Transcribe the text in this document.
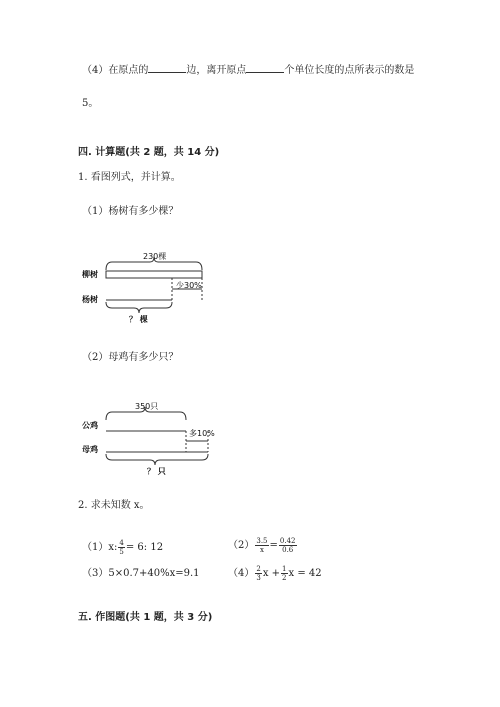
（4）在原点的	边，离开原点	个单位长度的点所表示的数是
5。
四. 计算题(共 2 题，共 14 分)
1. 看图列式，并计算。
（1）杨树有多少棵？
230棵
柳树
少30%
杨树
？ 棵
350只
公鸡
多10%
母鸡
？ 只
（2）母鸡有多少只？
2. 求未知数 x。
（1）x: $\frac{4}{5} = 6$: 12	$(2) \frac{3.5}{x} = \frac{0.42}{0.6}$
（3）5×0.7+40%x=9.1	$(4) \frac{2}{3}$ $x + \frac{1}{2}$ x = 42
五. 作图题(共 1 题，共 3 分)
